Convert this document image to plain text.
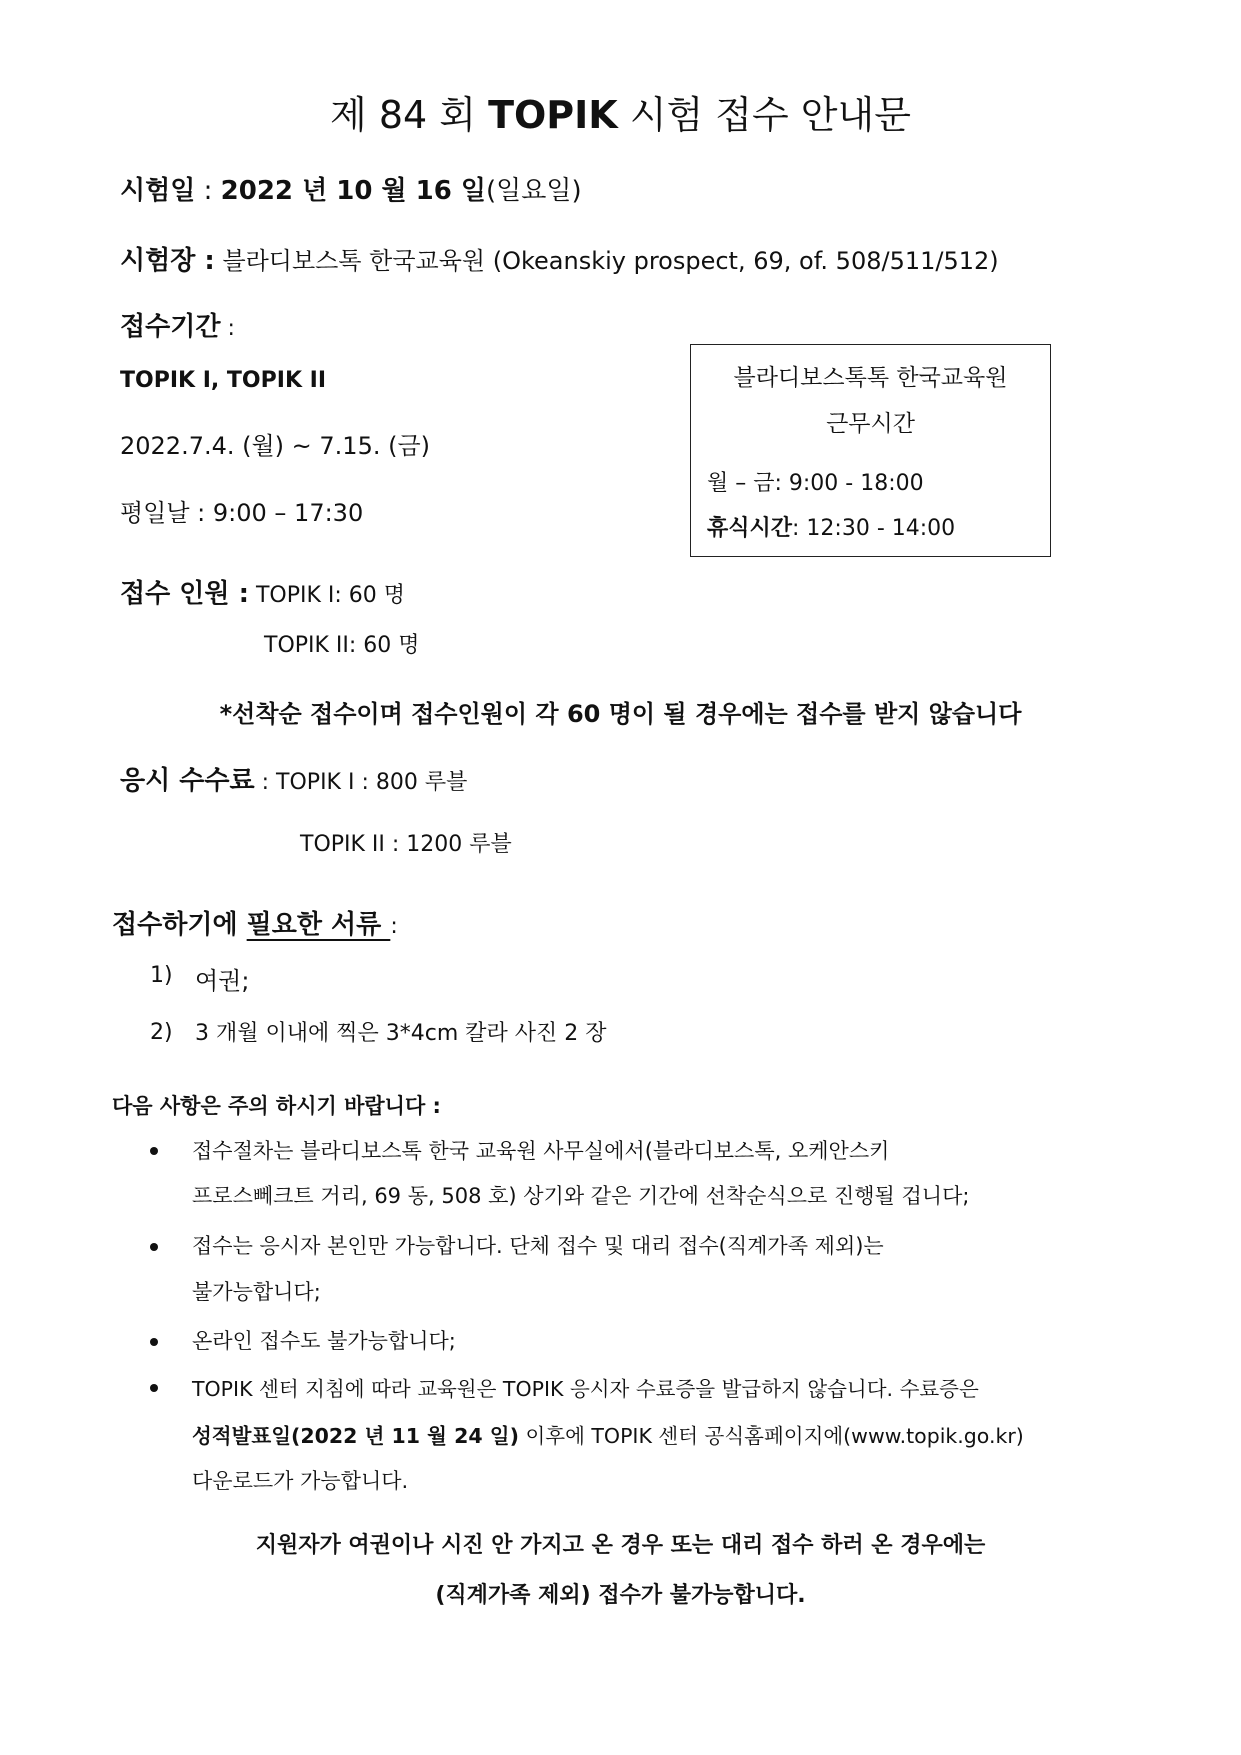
제 84 회 TOPIK 시험 접수 안내문
시험일 : 2022 년 10 월 16 일(일요일)
시험장 : 블라디보스톡 한국교육원 (Okeanskiy prospect, 69, of. 508/511/512)
접수기간 :
TOPIK I, TOPIK II
2022.7.4. (월) ~ 7.15. (금)
평일날 : 9:00 – 17:30
블라디보스톡톡 한국교육원
근무시간
월 – 금: 9:00 - 18:00
휴식시간: 12:30 - 14:00
접수 인원 : TOPIK I: 60 명
TOPIK II: 60 명
*선착순 접수이며 접수인원이 각 60 명이 될 경우에는 접수를 받지 않습니다
응시 수수료 : TOPIK I : 800 루블
TOPIK II : 1200 루블
접수하기에 필요한 서류 :
1) 여권;
2) 3 개월 이내에 찍은 3*4cm 칼라 사진 2 장
다음 사항은 주의 하시기 바랍니다 :
접수절차는 블라디보스톡 한국 교육원 사무실에서(블라디보스톡, 오케안스키
프로스뻬크트 거리, 69 동, 508 호) 상기와 같은 기간에 선착순식으로 진행될 겁니다;
접수는 응시자 본인만 가능합니다. 단체 접수 및 대리 접수(직계가족 제외)는
불가능합니다;
온라인 접수도 불가능합니다;
TOPIK 센터 지침에 따라 교육원은 TOPIK 응시자 수료증을 발급하지 않습니다. 수료증은
성적발표일(2022 년 11 월 24 일) 이후에 TOPIK 센터 공식홈페이지에(www.topik.go.kr)
다운로드가 가능합니다.
지원자가 여권이나 시진 안 가지고 온 경우 또는 대리 접수 하러 온 경우에는
(직계가족 제외) 접수가 불가능합니다.
